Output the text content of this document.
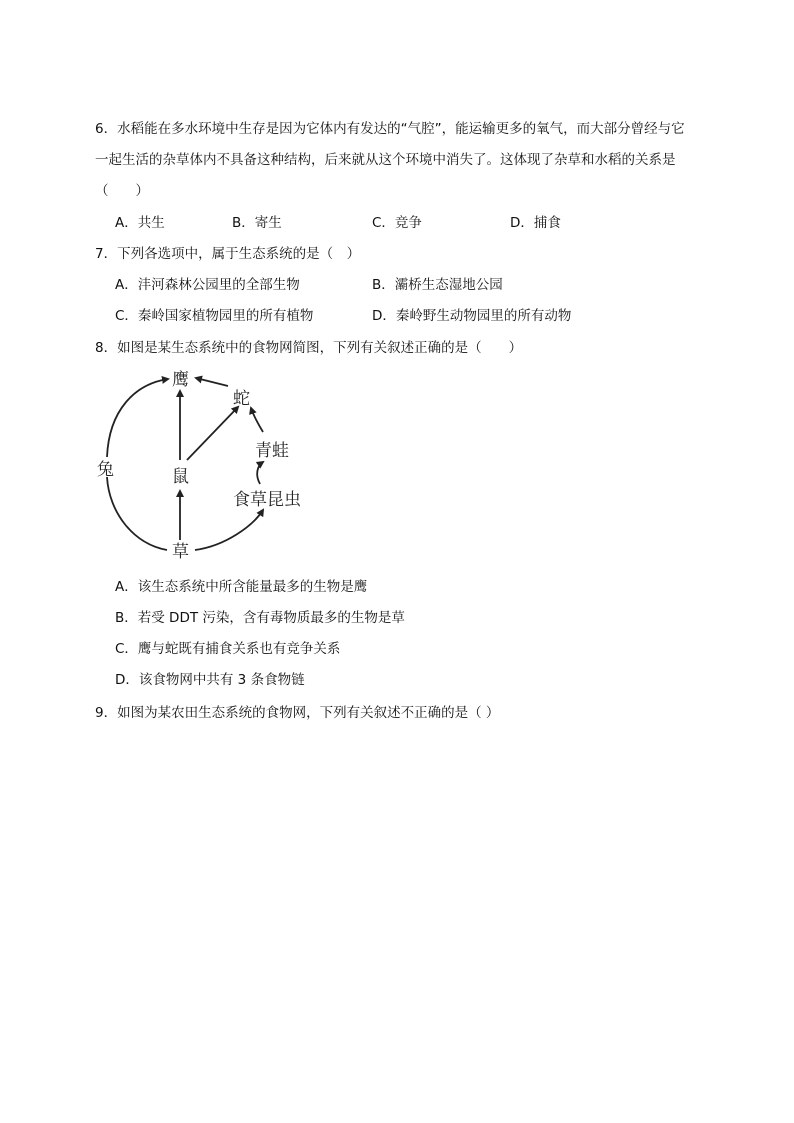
6．水稻能在多水环境中生存是因为它体内有发达的“气腔”，能运输更多的氧气，而大部分曾经与它
一起生活的杂草体内不具备这种结构，后来就从这个环境中消失了。这体现了杂草和水稻的关系是
（　　）
A．共生	B．寄生	C．竞争	D．捕食
7．下列各选项中，属于生态系统的是（　）
A．沣河森林公园里的全部生物	B．灞桥生态湿地公园
C．秦岭国家植物园里的所有植物	D．秦岭野生动物园里的所有动物
8．如图是某生态系统中的食物网简图，下列有关叙述正确的是（　　）
鹰
蛇
青蛙
兔	鼠
食草昆虫
草
A．该生态系统中所含能量最多的生物是鹰
B．若受 DDT 污染，含有毒物质最多的生物是草
C．鹰与蛇既有捕食关系也有竞争关系
D．该食物网中共有 3 条食物链
9．如图为某农田生态系统的食物网，下列有关叙述不正确的是（ ）
